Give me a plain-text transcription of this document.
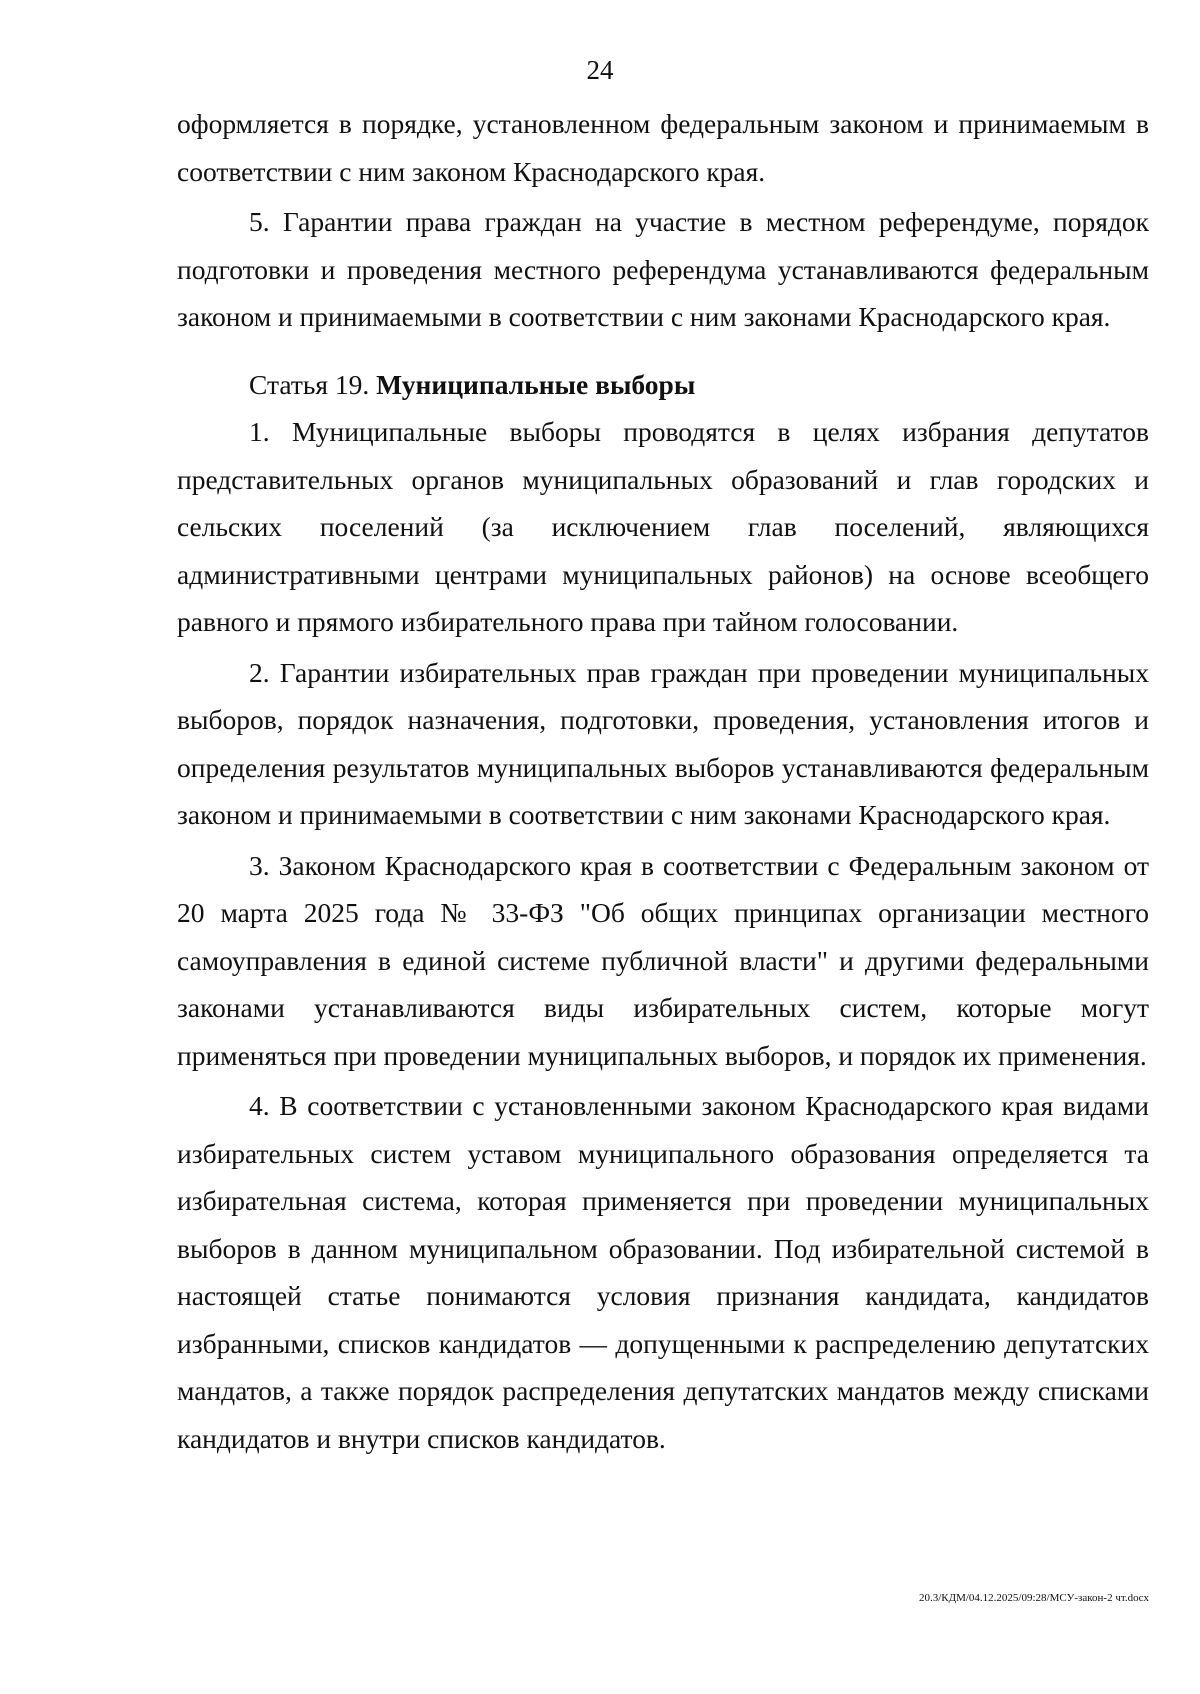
24

оформляется в порядке, установленном федеральным законом и принимаемым в соответствии с ним законом Краснодарского края.

5. Гарантии права граждан на участие в местном референдуме, порядок подготовки и проведения местного референдума устанавливаются федеральным законом и принимаемыми в соответствии с ним законами Краснодарского края.

Статья 19. Муниципальные выборы

1. Муниципальные выборы проводятся в целях избрания депутатов представительных органов муниципальных образований и глав городских и сельских поселений (за исключением глав поселений, являющихся административными центрами муниципальных районов) на основе всеобщего равного и прямого избирательного права при тайном голосовании.

2. Гарантии избирательных прав граждан при проведении муниципальных выборов, порядок назначения, подготовки, проведения, установления итогов и определения результатов муниципальных выборов устанавливаются федеральным законом и принимаемыми в соответствии с ним законами Краснодарского края.

3. Законом Краснодарского края в соответствии с Федеральным законом от 20 марта 2025 года № 33-ФЗ "Об общих принципах организации местного самоуправления в единой системе публичной власти" и другими федеральными законами устанавливаются виды избирательных систем, которые могут применяться при проведении муниципальных выборов, и порядок их применения.

4. В соответствии с установленными законом Краснодарского края видами избирательных систем уставом муниципального образования определяется та избирательная система, которая применяется при проведении муниципальных выборов в данном муниципальном образовании. Под избирательной системой в настоящей статье понимаются условия признания кандидата, кандидатов избранными, списков кандидатов — допущенными к распределению депутатских мандатов, а также порядок распределения депутатских мандатов между списками кандидатов и внутри списков кандидатов.

20.3/КДМ/04.12.2025/09:28/МСУ-закон-2 чт.docx
